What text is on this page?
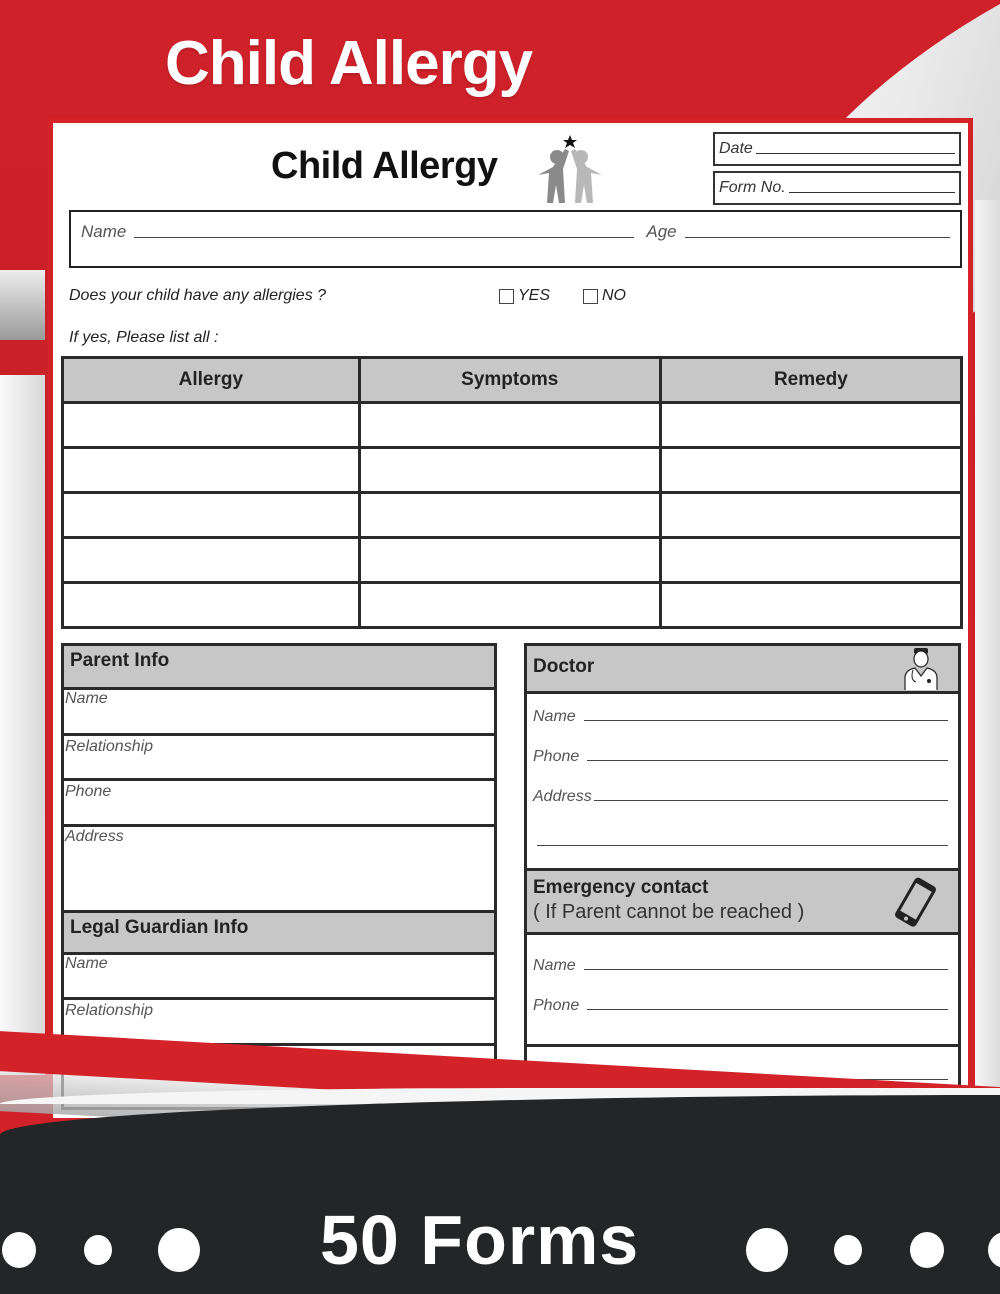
Child Allergy
Child Allergy	Date
Form No.
Name	Age
Does your child have any allergies ?	YES	NO
If yes, Please list all :
Allergy	Symptoms	Remedy

Parent Info
Name
Relationship
Phone
Address
Legal Guardian Info
Name
Relationship
Doctor
Name
Phone
Address
Emergency contact
( If Parent cannot be reached )
Name
Phone
50 Forms
